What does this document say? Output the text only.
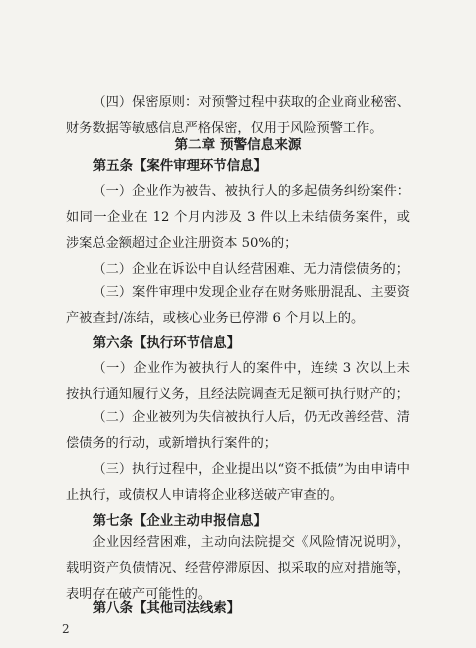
（四）保密原则：对预警过程中获取的企业商业秘密、财务数据等敏感信息严格保密，仅用于风险预警工作。

第二章 预警信息来源

第五条【案件审理环节信息】

（一）企业作为被告、被执行人的多起债务纠纷案件：如同一企业在 12 个月内涉及 3 件以上未结债务案件，或涉案总金额超过企业注册资本 50%的；

（二）企业在诉讼中自认经营困难、无力清偿债务的；

（三）案件审理中发现企业存在财务账册混乱、主要资产被查封/冻结，或核心业务已停滞 6 个月以上的。

第六条【执行环节信息】

（一）企业作为被执行人的案件中，连续 3 次以上未按执行通知履行义务，且经法院调查无足额可执行财产的；

（二）企业被列为失信被执行人后，仍无改善经营、清偿债务的行动，或新增执行案件的；

（三）执行过程中，企业提出以“资不抵债”为由申请中止执行，或债权人申请将企业移送破产审查的。

第七条【企业主动申报信息】

企业因经营困难，主动向法院提交《风险情况说明》，载明资产负债情况、经营停滞原因、拟采取的应对措施等，表明存在破产可能性的。

第八条【其他司法线索】

2
